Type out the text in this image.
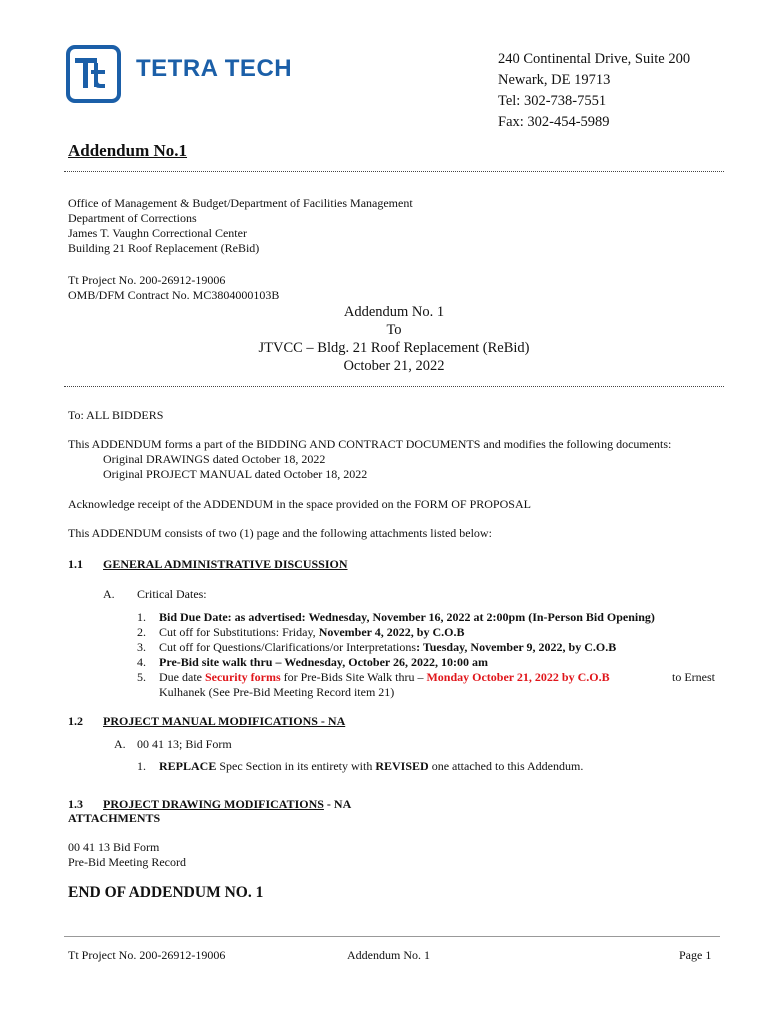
TETRA TECH	240 Continental Drive, Suite 200
Newark, DE 19713
Tel: 302-738-7551
Fax: 302-454-5989
Addendum No.1
Office of Management & Budget/Department of Facilities Management
Department of Corrections
James T. Vaughn Correctional Center
Building 21 Roof Replacement (ReBid)
Tt Project No. 200-26912-19006
OMB/DFM Contract No. MC3804000103B
Addendum No. 1
To
JTVCC – Bldg. 21 Roof Replacement (ReBid)
October 21, 2022
To: ALL BIDDERS
This ADDENDUM forms a part of the BIDDING AND CONTRACT DOCUMENTS and modifies the following documents:
Original DRAWINGS dated October 18, 2022
Original PROJECT MANUAL dated October 18, 2022
Acknowledge receipt of the ADDENDUM in the space provided on the FORM OF PROPOSAL
This ADDENDUM consists of two (1) page and the following attachments listed below:
1.1 GENERAL ADMINISTRATIVE DISCUSSION
A. Critical Dates:
1. Bid Due Date: as advertised: Wednesday, November 16, 2022 at 2:00pm (In-Person Bid Opening)
2. Cut off for Substitutions: Friday, November 4, 2022, by C.O.B
3. Cut off for Questions/Clarifications/or Interpretations: Tuesday, November 9, 2022, by C.O.B
4. Pre-Bid site walk thru – Wednesday, October 26, 2022, 10:00 am
5. Due date Security forms for Pre-Bids Site Walk thru – Monday October 21, 2022 by C.O.B	to Ernest
Kulhanek (See Pre-Bid Meeting Record item 21)
1.2 PROJECT MANUAL MODIFICATIONS - NA
A. 00 41 13; Bid Form
1. REPLACE Spec Section in its entirety with REVISED one attached to this Addendum.
1.3 PROJECT DRAWING MODIFICATIONS - NA
ATTACHMENTS
00 41 13 Bid Form
Pre-Bid Meeting Record
END OF ADDENDUM NO. 1
Tt Project No. 200-26912-19006	Addendum No. 1	Page 1
